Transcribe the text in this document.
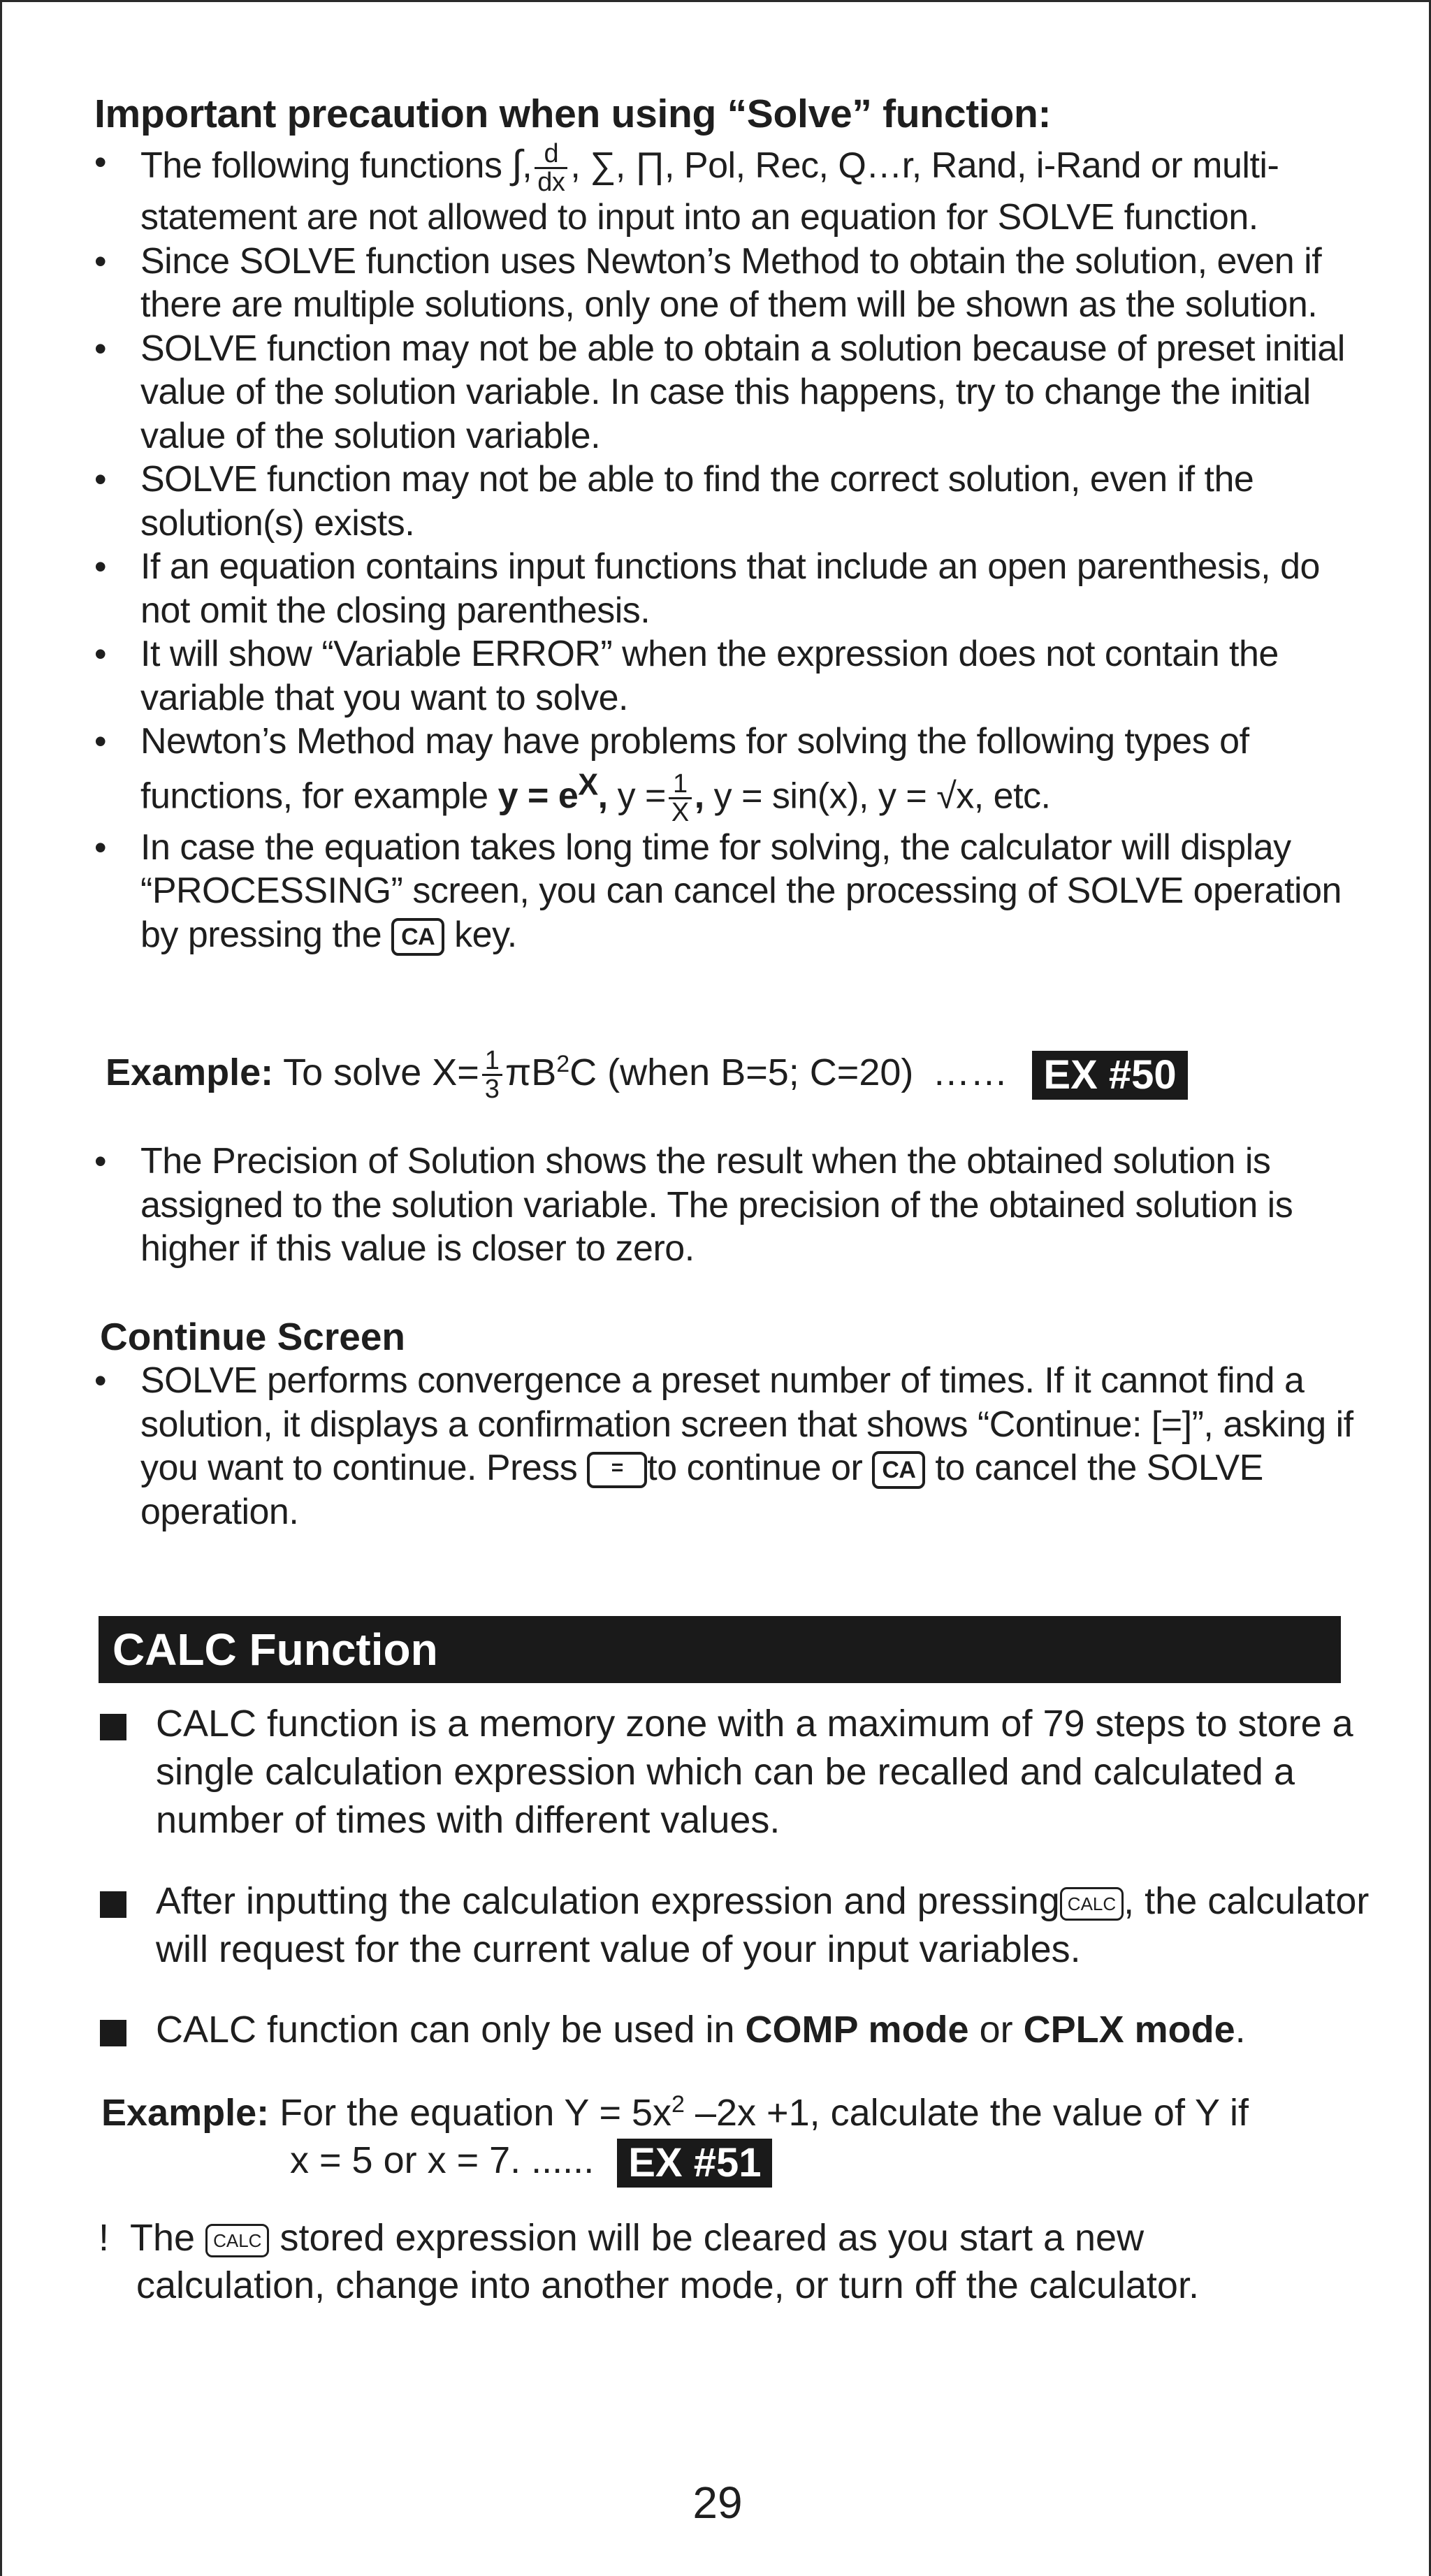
Important precaution when using “Solve” function:
• The following functions ∫, $\frac{d}{dx}$ , ∑, ∏, Pol, Rec, Q…r, Rand, i-Rand or multi-statement are not allowed to input into an equation for SOLVE function.
• Since SOLVE function uses Newton’s Method to obtain the solution, even if there are multiple solutions, only one of them will be shown as the solution.
• SOLVE function may not be able to obtain a solution because of preset initial value of the solution variable. In case this happens, try to change the initial value of the solution variable.
• SOLVE function may not be able to find the correct solution, even if the solution(s) exists.
• If an equation contains input functions that include an open parenthesis, do not omit the closing parenthesis.
• It will show “Variable ERROR” when the expression does not contain the variable that you want to solve.
• Newton’s Method may have problems for solving the following types of functions, for example $y = e^X$, $y = \frac{1}{X}$ , y = sin(x), y = √x, etc.
• In case the equation takes long time for solving, the calculator will display “PROCESSING” screen, you can cancel the processing of SOLVE operation by pressing the CA key.
Example: To solve $X= \frac{1}{3} \pi B^2C$ (when B=5; C=20) …… EX #50
• The Precision of Solution shows the result when the obtained solution is assigned to the solution variable. The precision of the obtained solution is higher if this value is closer to zero.
Continue Screen
• SOLVE performs convergence a preset number of times. If it cannot find a solution, it displays a confirmation screen that shows “Continue: [=]”, asking if you want to continue. Press = to continue or CA to cancel the SOLVE operation.
CALC Function
CALC function is a memory zone with a maximum of 79 steps to store a single calculation expression which can be recalled and calculated a number of times with different values.
After inputting the calculation expression and pressing CALC , the calculator will request for the current value of your input variables.
CALC function can only be used in COMP mode or CPLX mode.
Example: For the equation $Y = 5x^2$ –2x +1, calculate the value of Y if
x = 5 or x = 7. ...... EX #51
! The CALC stored expression will be cleared as you start a new
calculation, change into another mode, or turn off the calculator.

29
